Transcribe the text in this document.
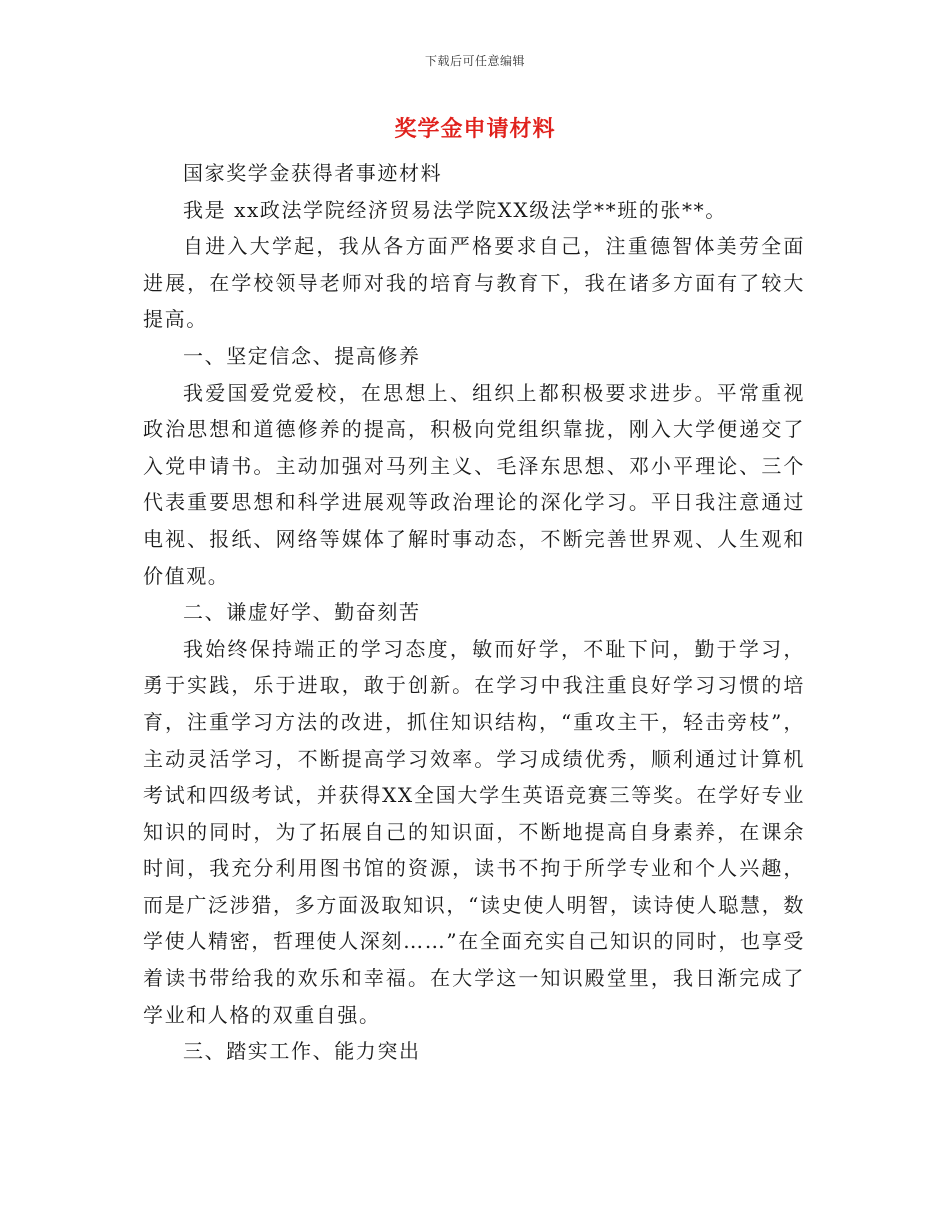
下载后可任意编辑
奖学金申请材料

国家奖学金获得者事迹材料

我是 xx政法学院经济贸易法学院XX级法学**班的张**。

自进入大学起，我从各方面严格要求自己，注重德智体美劳全面进展，在学校领导老师对我的培育与教育下，我在诸多方面有了较大提高。

一、坚定信念、提高修养

我爱国爱党爱校，在思想上、组织上都积极要求进步。平常重视政治思想和道德修养的提高，积极向党组织靠拢，刚入大学便递交了入党申请书。主动加强对马列主义、毛泽东思想、邓小平理论、三个代表重要思想和科学进展观等政治理论的深化学习。平日我注意通过电视、报纸、网络等媒体了解时事动态，不断完善世界观、人生观和价值观。

二、谦虚好学、勤奋刻苦

我始终保持端正的学习态度，敏而好学，不耻下问，勤于学习，勇于实践，乐于进取，敢于创新。在学习中我注重良好学习习惯的培育，注重学习方法的改进，抓住知识结构，“重攻主干，轻击旁枝”，主动灵活学习，不断提高学习效率。学习成绩优秀，顺利通过计算机考试和四级考试，并获得XX全国大学生英语竞赛三等奖。在学好专业知识的同时，为了拓展自己的知识面，不断地提高自身素养，在课余时间，我充分利用图书馆的资源，读书不拘于所学专业和个人兴趣，而是广泛涉猎，多方面汲取知识，“读史使人明智，读诗使人聪慧，数学使人精密，哲理使人深刻……”在全面充实自己知识的同时，也享受着读书带给我的欢乐和幸福。在大学这一知识殿堂里，我日渐完成了学业和人格的双重自强。

三、踏实工作、能力突出
